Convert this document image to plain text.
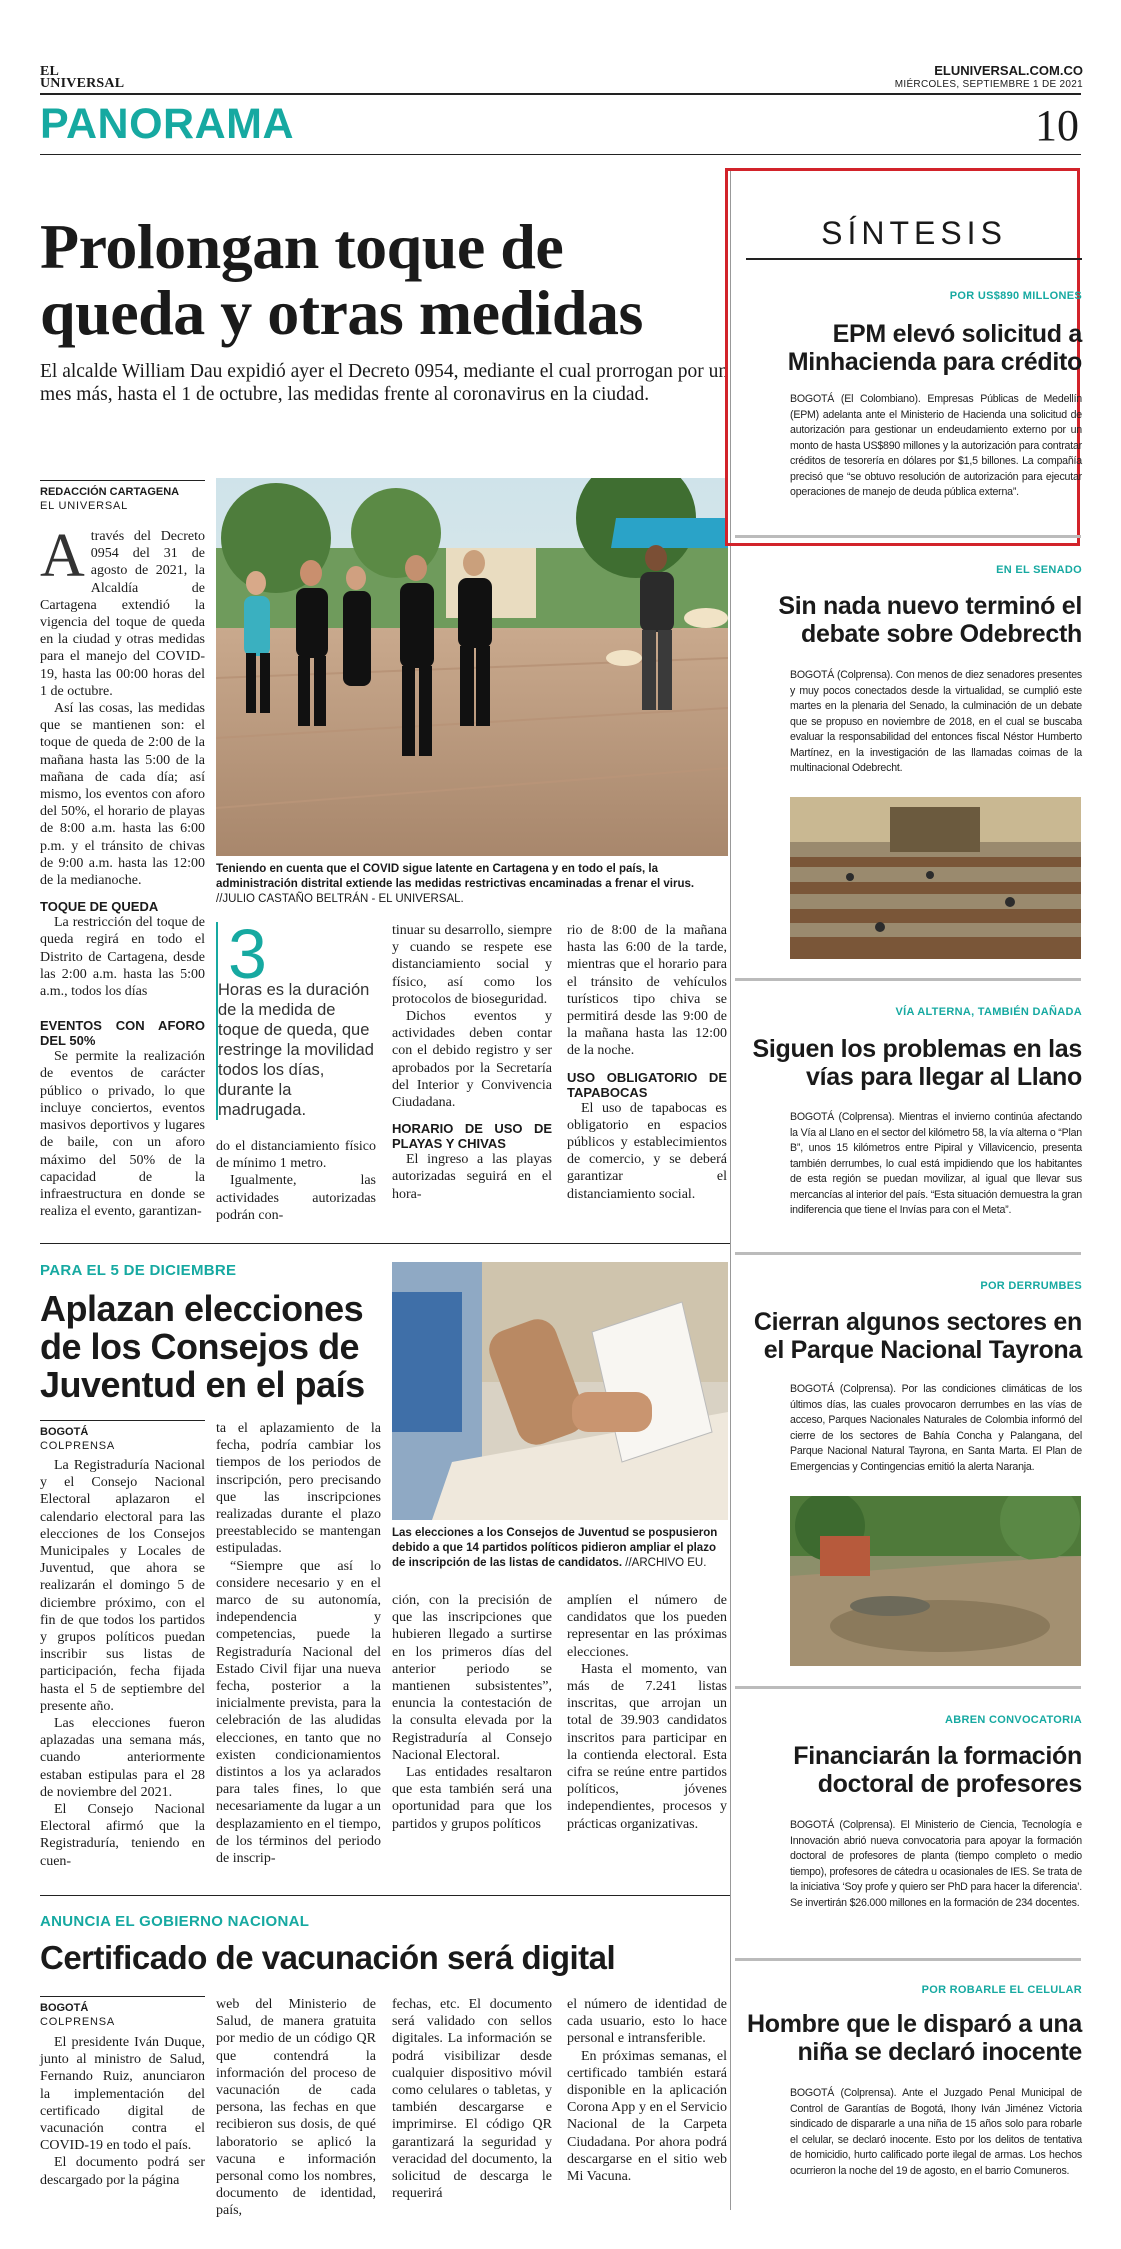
EL
UNIVERSAL
ELUNIVERSAL.COM.CO
MIÉRCOLES, SEPTIEMBRE 1 DE 2021
PANORAMA	10
Prolongan toque de queda y otras medidas
El alcalde William Dau expidió ayer el Decreto 0954, mediante el cual prorrogan por un mes más, hasta el 1 de octubre, las medidas frente al coronavirus en la ciudad.
REDACCIÓN CARTAGENA
EL UNIVERSAL
A través del Decreto 0954 del 31 de agosto de 2021, la Alcaldía de Cartagena extendió la vigencia del toque de queda en la ciudad y otras medidas para el manejo del COVID-19, hasta las 00:00 horas del 1 de octubre.

Así las cosas, las medidas que se mantienen son: el toque de queda de 2:00 de la mañana hasta las 5:00 de la mañana de cada día; así mismo, los eventos con aforo del 50%, el horario de playas de 8:00 a.m. hasta las 6:00 p.m. y el tránsito de chivas de 9:00 a.m. hasta las 12:00 de la medianoche.

TOQUE DE QUEDA

La restricción del toque de queda regirá en todo el Distrito de Cartagena, desde las 2:00 a.m. hasta las 5:00 a.m., todos los días

EVENTOS CON AFORO DEL 50%

Se permite la realización de eventos de carácter público o privado, lo que incluye conciertos, eventos masivos deportivos y lugares de baile, con un aforo máximo del 50% de la capacidad de la infraestructura en donde se realiza el evento, garantizan-

Teniendo en cuenta que el COVID sigue latente en Cartagena y en todo el país, la administración distrital extiende las medidas restrictivas encaminadas a frenar el virus. //JULIO CASTAÑO BELTRÁN - EL UNIVERSAL.
3
Horas es la duración de la medida de toque de queda, que restringe la movilidad todos los días, durante la madrugada.

do el distanciamiento físico de mínimo 1 metro.

Igualmente, las actividades autorizadas podrán con-

tinuar su desarrollo, siempre y cuando se respete ese distanciamiento social y físico, así como los protocolos de bioseguridad.

Dichos eventos y actividades deben contar con el debido registro y ser aprobados por la Secretaría del Interior y Convivencia Ciudadana.

HORARIO DE USO DE PLAYAS Y CHIVAS

El ingreso a las playas autorizadas seguirá en el hora-

rio de 8:00 de la mañana hasta las 6:00 de la tarde, mientras que el horario para el tránsito de vehículos turísticos tipo chiva se permitirá desde las 9:00 de la mañana hasta las 12:00 de la noche.

USO OBLIGATORIO DE TAPABOCAS

El uso de tapabocas es obligatorio en espacios públicos y establecimientos de comercio, y se deberá garantizar el distanciamiento social.

PARA EL 5 DE DICIEMBRE
Aplazan elecciones de los Consejos de Juventud en el país
Las elecciones a los Consejos de Juventud se pospusieron debido a que 14 partidos políticos pidieron ampliar el plazo de inscripción de las listas de candidatos. //ARCHIVO EU.
BOGOTÁ
COLPRENSA

La Registraduría Nacional y el Consejo Nacional Electoral aplazaron el calendario electoral para las elecciones de los Consejos Municipales y Locales de Juventud, que ahora se realizarán el domingo 5 de diciembre próximo, con el fin de que todos los partidos y grupos políticos puedan inscribir sus listas de participación, fecha fijada hasta el 5 de septiembre del presente año.

Las elecciones fueron aplazadas una semana más, cuando anteriormente estaban estipulas para el 28 de noviembre del 2021.

El Consejo Nacional Electoral afirmó que la Registraduría, teniendo en cuen-

ta el aplazamiento de la fecha, podría cambiar los tiempos de los periodos de inscripción, pero precisando que las inscripciones realizadas durante el plazo preestablecido se mantengan estipuladas.

“Siempre que así lo considere necesario y en el marco de su autonomía, independencia y competencias, puede la Registraduría Nacional del Estado Civil fijar una nueva fecha, posterior a la inicialmente prevista, para la celebración de las aludidas elecciones, en tanto que no existen condicionamientos distintos a los ya aclarados para tales fines, lo que necesariamente da lugar a un desplazamiento en el tiempo, de los términos del periodo de inscrip-

ción, con la precisión de que las inscripciones que hubieren llegado a surtirse en los primeros días del anterior periodo se mantienen subsistentes”, enuncia la contestación de la consulta elevada por la Registraduría al Consejo Nacional Electoral.

Las entidades resaltaron que esta también será una oportunidad para que los partidos y grupos políticos

amplíen el número de candidatos que los pueden representar en las próximas elecciones.

Hasta el momento, van más de 7.241 listas inscritas, que arrojan un total de 39.903 candidatos inscritos para participar en la contienda electoral. Esta cifra se reúne entre partidos políticos, jóvenes independientes, procesos y prácticas organizativas.

ANUNCIA EL GOBIERNO NACIONAL
Certificado de vacunación será digital
BOGOTÁ
COLPRENSA

El presidente Iván Duque, junto al ministro de Salud, Fernando Ruiz, anunciaron la implementación del certificado digital de vacunación contra el COVID-19 en todo el país.

El documento podrá ser descargado por la página

web del Ministerio de Salud, de manera gratuita por medio de un código QR que contendrá la información del proceso de vacunación de cada persona, las fechas en que recibieron sus dosis, de qué laboratorio se aplicó la vacuna e información personal como los nombres, documento de identidad, país,

fechas, etc. El documento será validado con sellos digitales. La información se podrá visibilizar desde cualquier dispositivo móvil como celulares o tabletas, y también descargarse e imprimirse. El código QR garantizará la seguridad y veracidad del documento, la solicitud de descarga le requerirá

el número de identidad de cada usuario, esto lo hace personal e intransferible.

En próximas semanas, el certificado también estará disponible en la aplicación Corona App y en el Servicio Nacional de la Carpeta Ciudadana. Por ahora podrá descargarse en el sitio web Mi Vacuna.

SÍNTESIS
POR US$890 MILLONES
EPM elevó solicitud a Minhacienda para crédito
BOGOTÁ (El Colombiano). Empresas Públicas de Medellín (EPM) adelanta ante el Ministerio de Hacienda una solicitud de autorización para gestionar un endeudamiento externo por un monto de hasta US$890 millones y la autorización para contratar créditos de tesorería en dólares por $1,5 billones. La compañía precisó que “se obtuvo resolución de autorización para ejecutar operaciones de manejo de deuda pública externa”.
EN EL SENADO
Sin nada nuevo terminó el debate sobre Odebrecth
BOGOTÁ (Colprensa). Con menos de diez senadores presentes y muy pocos conectados desde la virtualidad, se cumplió este martes en la plenaria del Senado, la culminación de un debate que se propuso en noviembre de 2018, en el cual se buscaba evaluar la responsabilidad del entonces fiscal Néstor Humberto Martínez, en la investigación de las llamadas coimas de la multinacional Odebrecht.
VÍA ALTERNA, TAMBIÉN DAÑADA
Siguen los problemas en las vías para llegar al Llano
BOGOTÁ (Colprensa). Mientras el invierno continúa afectando la Vía al Llano en el sector del kilómetro 58, la vía alterna o “Plan B”, unos 15 kilómetros entre Pipiral y Villavicencio, presenta también derrumbes, lo cual está impidiendo que los habitantes de esta región se puedan movilizar, al igual que llevar sus mercancías al interior del país. “Esta situación demuestra la gran indiferencia que tiene el Invías para con el Meta”.
POR DERRUMBES
Cierran algunos sectores en el Parque Nacional Tayrona
BOGOTÁ (Colprensa). Por las condiciones climáticas de los últimos días, las cuales provocaron derrumbes en las vías de acceso, Parques Nacionales Naturales de Colombia informó del cierre de los sectores de Bahía Concha y Palangana, del Parque Nacional Natural Tayrona, en Santa Marta. El Plan de Emergencias y Contingencias emitió la alerta Naranja.
ABREN CONVOCATORIA
Financiarán la formación doctoral de profesores
BOGOTÁ (Colprensa). El Ministerio de Ciencia, Tecnología e Innovación abrió nueva convocatoria para apoyar la formación doctoral de profesores de planta (tiempo completo o medio tiempo), profesores de cátedra u ocasionales de IES. Se trata de la iniciativa ‘Soy profe y quiero ser PhD para hacer la diferencia’. Se invertirán $26.000 millones en la formación de 234 docentes.
POR ROBARLE EL CELULAR
Hombre que le disparó a una niña se declaró inocente
BOGOTÁ (Colprensa). Ante el Juzgado Penal Municipal de Control de Garantías de Bogotá, Ihony Iván Jiménez Victoria sindicado de dispararle a una niña de 15 años solo para robarle el celular, se declaró inocente. Esto por los delitos de tentativa de homicidio, hurto calificado porte ilegal de armas. Los hechos ocurrieron la noche del 19 de agosto, en el barrio Comuneros.
